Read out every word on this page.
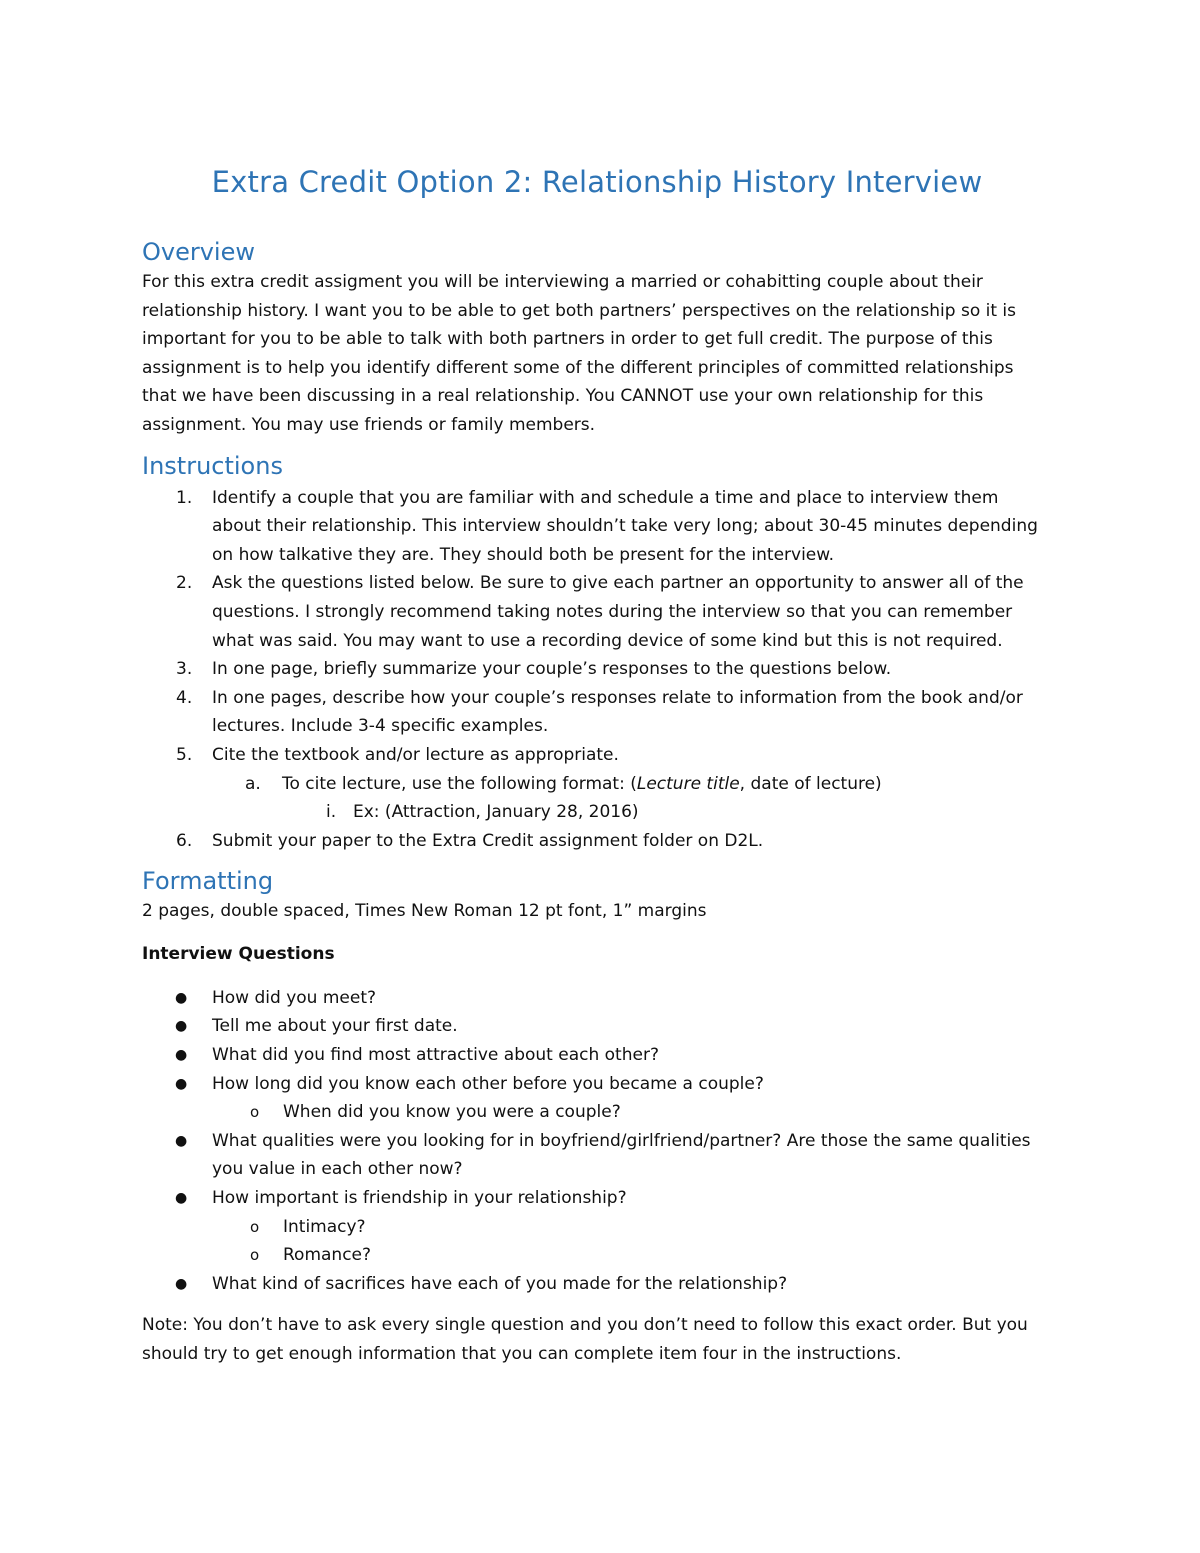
Extra Credit Option 2: Relationship History Interview
Overview

For this extra credit assigment you will be interviewing a married or cohabitting couple about their relationship history. I want you to be able to get both partners’ perspectives on the relationship so it is important for you to be able to talk with both partners in order to get full credit. The purpose of this assignment is to help you identify different some of the different principles of committed relationships that we have been discussing in a real relationship. You CANNOT use your own relationship for this assignment. You may use friends or family members.

Instructions
1. Identify a couple that you are familiar with and schedule a time and place to interview them about their relationship. This interview shouldn’t take very long; about 30-45 minutes depending on how talkative they are. They should both be present for the interview.
2. Ask the questions listed below. Be sure to give each partner an opportunity to answer all of the questions. I strongly recommend taking notes during the interview so that you can remember what was said. You may want to use a recording device of some kind but this is not required.
3. In one page, briefly summarize your couple’s responses to the questions below.
4. In one pages, describe how your couple’s responses relate to information from the book and/or lectures. Include 3-4 specific examples.
5. Cite the textbook and/or lecture as appropriate.
a. To cite lecture, use the following format: (Lecture title, date of lecture)
i. Ex: (Attraction, January 28, 2016)
6. Submit your paper to the Extra Credit assignment folder on D2L.
Formatting

2 pages, double spaced, Times New Roman 12 pt font, 1” margins

Interview Questions

● How did you meet?
● Tell me about your first date.
● What did you find most attractive about each other?
● How long did you know each other before you became a couple?
o When did you know you were a couple?
● What qualities were you looking for in boyfriend/girlfriend/partner? Are those the same qualities you value in each other now?
● How important is friendship in your relationship?
o Intimacy?
o Romance?
● What kind of sacrifices have each of you made for the relationship?

Note: You don’t have to ask every single question and you don’t need to follow this exact order. But you should try to get enough information that you can complete item four in the instructions.
